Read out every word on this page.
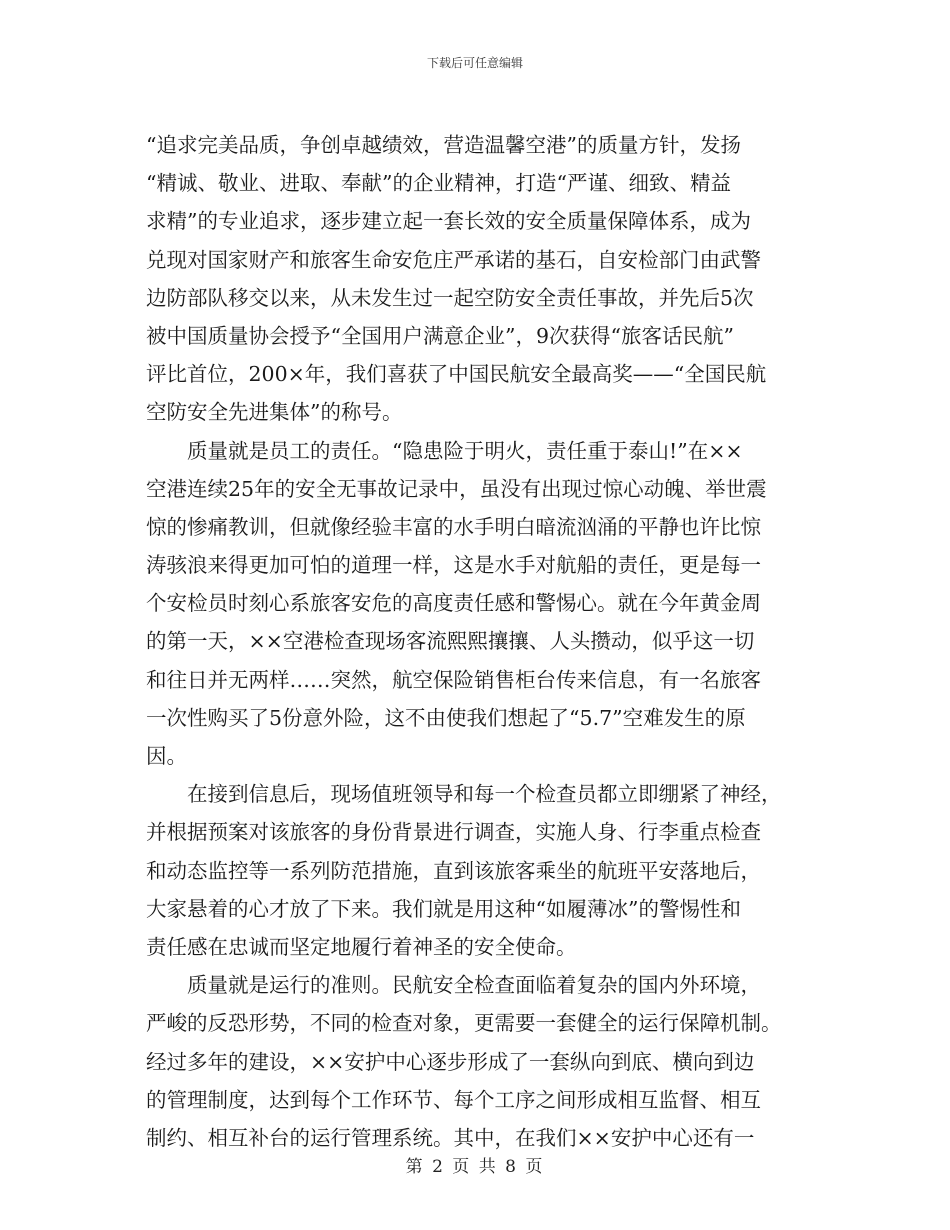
下载后可任意编辑
“追求完美品质，争创卓越绩效，营造温馨空港”的质量方针，发扬
“精诚、敬业、进取、奉献”的企业精神，打造“严谨、细致、精益
求精”的专业追求，逐步建立起一套长效的安全质量保障体系，成为
兑现对国家财产和旅客生命安危庄严承诺的基石，自安检部门由武警
边防部队移交以来，从未发生过一起空防安全责任事故，并先后5次
被中国质量协会授予“全国用户满意企业”，9次获得“旅客话民航”
评比首位，200×年，我们喜获了中国民航安全最高奖——“全国民航
空防安全先进集体”的称号。
质量就是员工的责任。“隐患险于明火，责任重于泰山!”在××
空港连续25年的安全无事故记录中，虽没有出现过惊心动魄、举世震
惊的惨痛教训，但就像经验丰富的水手明白暗流汹涌的平静也许比惊
涛骇浪来得更加可怕的道理一样，这是水手对航船的责任，更是每一
个安检员时刻心系旅客安危的高度责任感和警惕心。就在今年黄金周
的第一天，××空港检查现场客流熙熙攘攘、人头攒动，似乎这一切
和往日并无两样……突然，航空保险销售柜台传来信息，有一名旅客
一次性购买了5份意外险，这不由使我们想起了“5.7”空难发生的原
因。
在接到信息后，现场值班领导和每一个检查员都立即绷紧了神经，
并根据预案对该旅客的身份背景进行调查，实施人身、行李重点检查
和动态监控等一系列防范措施，直到该旅客乘坐的航班平安落地后，
大家悬着的心才放了下来。我们就是用这种“如履薄冰”的警惕性和
责任感在忠诚而坚定地履行着神圣的安全使命。
质量就是运行的准则。民航安全检查面临着复杂的国内外环境，
严峻的反恐形势，不同的检查对象，更需要一套健全的运行保障机制。
经过多年的建设，××安护中心逐步形成了一套纵向到底、横向到边
的管理制度，达到每个工作环节、每个工序之间形成相互监督、相互
制约、相互补台的运行管理系统。其中，在我们××安护中心还有一
第 2 页 共 8 页
